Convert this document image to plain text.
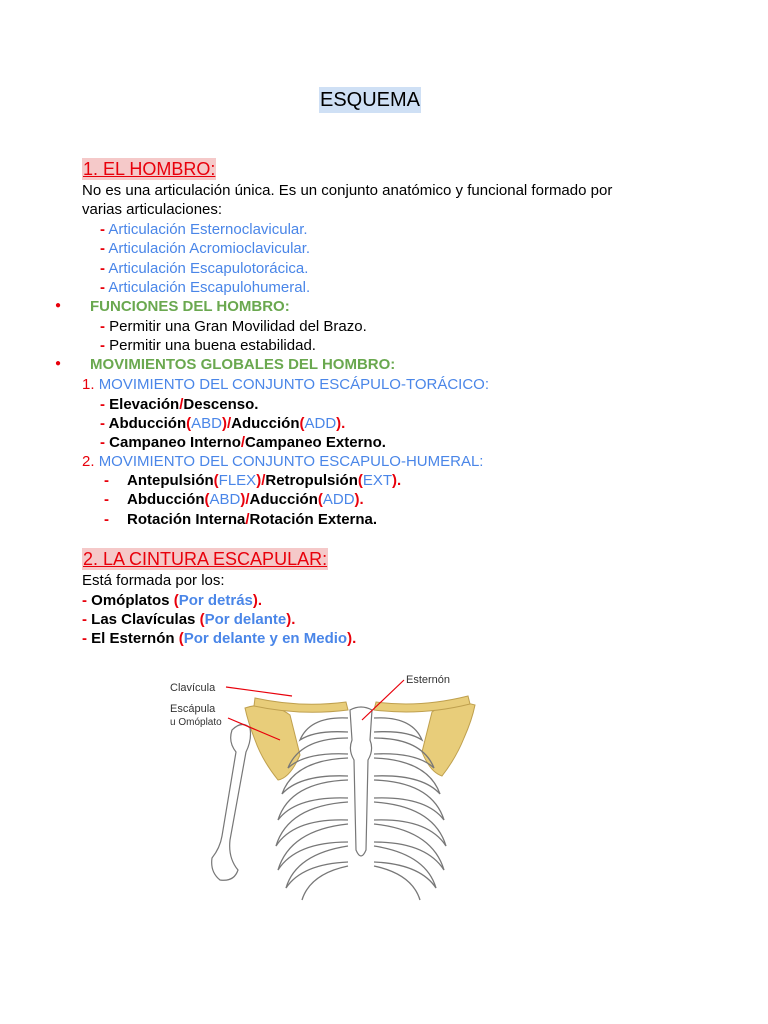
ESQUEMA
1. EL HOMBRO:
No es una articulación única. Es un conjunto anatómico y funcional formado por
varias articulaciones:
- Articulación Esternoclavicular.
- Articulación Acromioclavicular.
- Articulación Escapulotorácica.
- Articulación Escapulohumeral.
● FUNCIONES DEL HOMBRO:
- Permitir una Gran Movilidad del Brazo.
- Permitir una buena estabilidad.
● MOVIMIENTOS GLOBALES DEL HOMBRO:
1. MOVIMIENTO DEL CONJUNTO ESCÁPULO-TORÁCICO:
- Elevación/Descenso.
- Abducción(ABD)/Aducción(ADD).
- Campaneo Interno/Campaneo Externo.
2. MOVIMIENTO DEL CONJUNTO ESCAPULO-HUMERAL:
- Antepulsión(FLEX)/Retropulsión(EXT).
- Abducción(ABD)/Aducción(ADD).
- Rotación Interna/Rotación Externa.
2. LA CINTURA ESCAPULAR:
Está formada por los:
- Omóplatos (Por detrás).
- Las Clavículas (Por delante).
- El Esternón (Por delante y en Medio).
Clavícula
Escápula
u Omóplato
Esternón
